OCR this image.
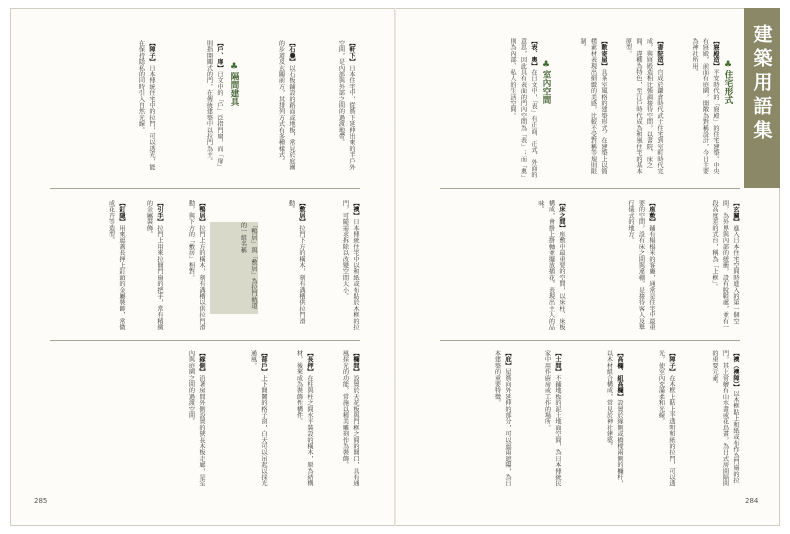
建築用語集
♣住宅形式
【寢殿造】平安時代的「寢殿」的住宅建築。中央有寢殿，前面有庭園，開敞為對稱設計，今日主要為神社所用。
【書院造】自成於鎌倉時代武士住宅到室町時代完成，與寢殿造相比強調接待空間，以書院、床之間、違棚為特色，至江戶時代成為和風住宅的基本原型。
【數寄屋】具茶室風格的建築形式。在建築上以簡樸素材表現出細緻的美感，比較不受對稱等規則限制。
♣室內空間
【表、奧】在日文中，「表」有正面、正式、外面的意思，因此具有表面的門內空間為「表」；而「奧」則為內部、私人的生活空間。
【玄關】進入日本住宅空間時進入的第一個空間，為外界與內部的緩衝，設有脫鞋處，並有一段高度差的式台，稱為「上框」。
【座敷】鋪有榻榻米的客廳，通常是住宅中最重要的空間，設有床之間與違棚，是接待客人及舉行儀式的地方。
【床之間】座敷中最重要的空間，以床柱、床板構成，會掛上掛軸並擺放插花，表現出主人的品味。
【襖（襖障）】以木框貼上和紙或布作為門扇的拉門，其上常繪有山水畫或花鳥畫，為日式房間隔間的重要元素。
【障子】在木框上貼上半透明和紙的拉門，可以透光，使室內充滿柔和光線。
【高欄、組高欄】設置於緣側或橋樑兩側的欄杆，以木材組合構成，常見於神社建築。
【土間】不鋪地板的泥土地面空間，為日本傳統民家中用作廚房或工作的場所。
【庇】屋簷向外延伸的部分，可以遮雨遮陽，為日本建築的重要特徵。
284
【軒下】日本住宅中，從簷下延伸出來的半戶外空間，是內部與外部之間的過渡地帶。
【石疊】以石板鋪設的路面或地板，常見於庭園的步道及玄關前方，其排列方式有多種樣式。
♣隔間建具
【戶、扉】日文中的「戶」泛指門扇，而「扉」則指開關式的門，在傳統建築中以拉門為主。
【障子】日本傳統住宅中的拉門，可以透光，能在保持隱私的同時引入自然光線。
【襖】日本傳統住宅中以和紙或布貼於木框的拉門，可隨需求拆除以改變空間大小。
【敷居】拉門下方的橫木，刻有溝槽供拉門滑動。
「鴨居」與「敷居」為拉門軌道的一組名稱
【鴨居】拉門上方的橫木，刻有溝槽以供拉門滑動，與下方的「敷居」相對。
【引手】拉門上用來拉開門扇的把手，常有精緻的金屬裝飾。
【釘隱】用來遮蓋長押上釘頭的金屬裝飾，常做成花卉等造型。
【欄間】設置於天花板與門框之間的開口，具有通風採光的功能，常施以精美雕刻作為裝飾。
【長押】在柱與柱之間水平裝設的橫木，原為結構材，後來成為裝飾性構件。
【蔀戶】上下開闔的格子窗，白天可以吊起以採光通風。
【緣側】沿著房間外側設置的狹長木板走廊，是室內與庭園之間的過渡空間。
285
